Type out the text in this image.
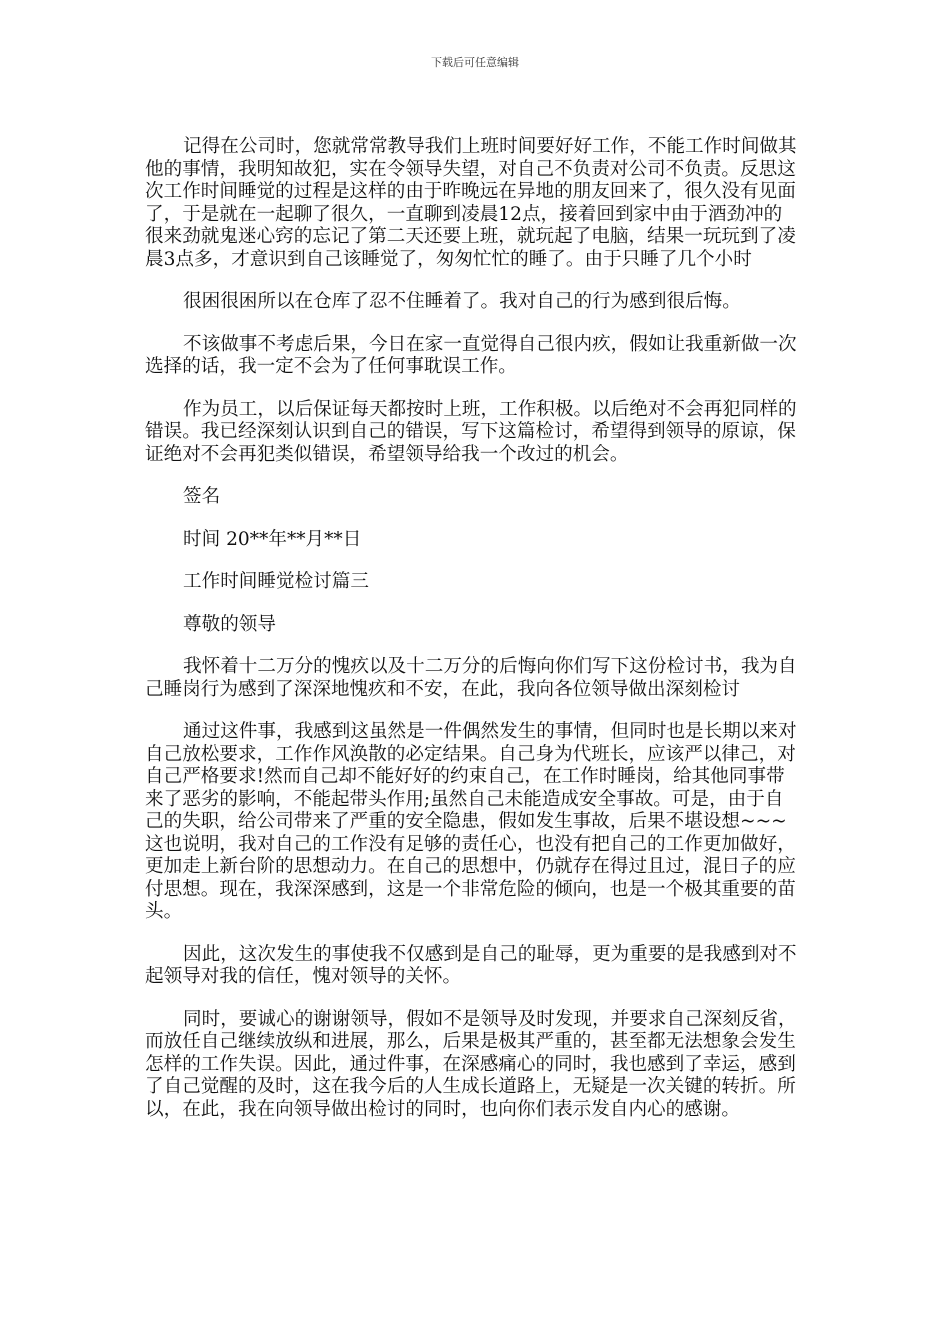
下载后可任意编辑

记得在公司时，您就常常教导我们上班时间要好好工作，不能工作时间做其他的事情，我明知故犯，实在令领导失望，对自己不负责对公司不负责。反思这次工作时间睡觉的过程是这样的由于昨晚远在异地的朋友回来了，很久没有见面了，于是就在一起聊了很久，一直聊到凌晨12点，接着回到家中由于酒劲冲的很来劲就鬼迷心窍的忘记了第二天还要上班，就玩起了电脑，结果一玩玩到了凌晨3点多，才意识到自己该睡觉了，匆匆忙忙的睡了。由于只睡了几个小时

很困很困所以在仓库了忍不住睡着了。我对自己的行为感到很后悔。

不该做事不考虑后果，今日在家一直觉得自己很内疚，假如让我重新做一次选择的话，我一定不会为了任何事耽误工作。

作为员工，以后保证每天都按时上班，工作积极。以后绝对不会再犯同样的错误。我已经深刻认识到自己的错误，写下这篇检讨，希望得到领导的原谅，保证绝对不会再犯类似错误，希望领导给我一个改过的机会。

签名

时间 20**年**月**日

工作时间睡觉检讨篇三

尊敬的领导

我怀着十二万分的愧疚以及十二万分的后悔向你们写下这份检讨书，我为自己睡岗行为感到了深深地愧疚和不安，在此，我向各位领导做出深刻检讨

通过这件事，我感到这虽然是一件偶然发生的事情，但同时也是长期以来对自己放松要求，工作作风涣散的必定结果。自己身为代班长，应该严以律己，对自己严格要求!然而自己却不能好好的约束自己，在工作时睡岗，给其他同事带来了恶劣的影响，不能起带头作用;虽然自己未能造成安全事故。可是，由于自己的失职，给公司带来了严重的安全隐患，假如发生事故，后果不堪设想~~~这也说明，我对自己的工作没有足够的责任心，也没有把自己的工作更加做好，更加走上新台阶的思想动力。在自己的思想中，仍就存在得过且过，混日子的应付思想。现在，我深深感到，这是一个非常危险的倾向，也是一个极其重要的苗头。

因此，这次发生的事使我不仅感到是自己的耻辱，更为重要的是我感到对不起领导对我的信任，愧对领导的关怀。

同时，要诚心的谢谢领导，假如不是领导及时发现，并要求自己深刻反省，而放任自己继续放纵和进展，那么，后果是极其严重的，甚至都无法想象会发生怎样的工作失误。因此，通过件事，在深感痛心的同时，我也感到了幸运，感到了自己觉醒的及时，这在我今后的人生成长道路上，无疑是一次关键的转折。所以，在此，我在向领导做出检讨的同时，也向你们表示发自内心的感谢。
